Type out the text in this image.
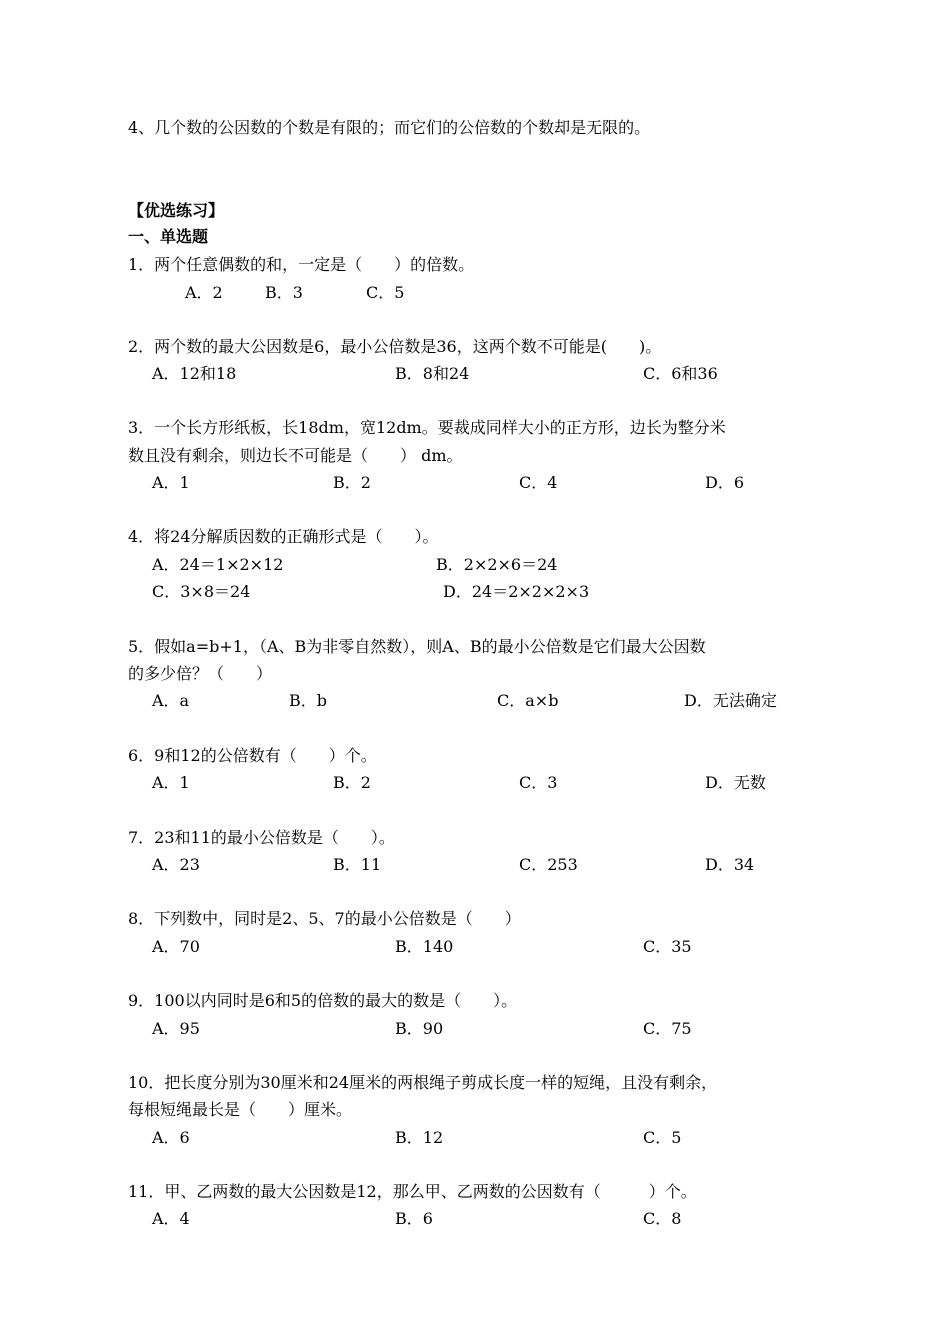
4、几个数的公因数的个数是有限的；而它们的公倍数的个数却是无限的。
【优选练习】
一、单选题
1．两个任意偶数的和，一定是（　　）的倍数。
A．2	B．3	C．5
2．两个数的最大公因数是6，最小公倍数是36，这两个数不可能是(　　)。
A．12和18	B．8和24	C．6和36
3．一个长方形纸板，长18dm，宽12dm。要裁成同样大小的正方形，边长为整分米
数且没有剩余，则边长不可能是（　　） dm。
A．1	B．2	C．4	D．6
4．将24分解质因数的正确形式是（　　）。
A．24＝1×2×12	B．2×2×6＝24
C．3×8＝24	D．24＝2×2×2×3
5．假如a=b+1，（A、B为非零自然数），则A、B的最小公倍数是它们最大公因数
的多少倍？（　　）
A．a	B．b	C．a×b	D．无法确定
6．9和12的公倍数有（　　）个。
A．1	B．2	C．3	D．无数
7．23和11的最小公倍数是（　　）。
A．23	B．11	C．253	D．34
8．下列数中，同时是2、5、7的最小公倍数是（　　）
A．70	B．140	C．35
9．100以内同时是6和5的倍数的最大的数是（　　）。
A．95	B．90	C．75
10．把长度分别为30厘米和24厘米的两根绳子剪成长度一样的短绳，且没有剩余，
每根短绳最长是（　　）厘米。
A．6	B．12	C．5
11．甲、乙两数的最大公因数是12，那么甲、乙两数的公因数有（　　　）个。
A．4	B．6	C．8
